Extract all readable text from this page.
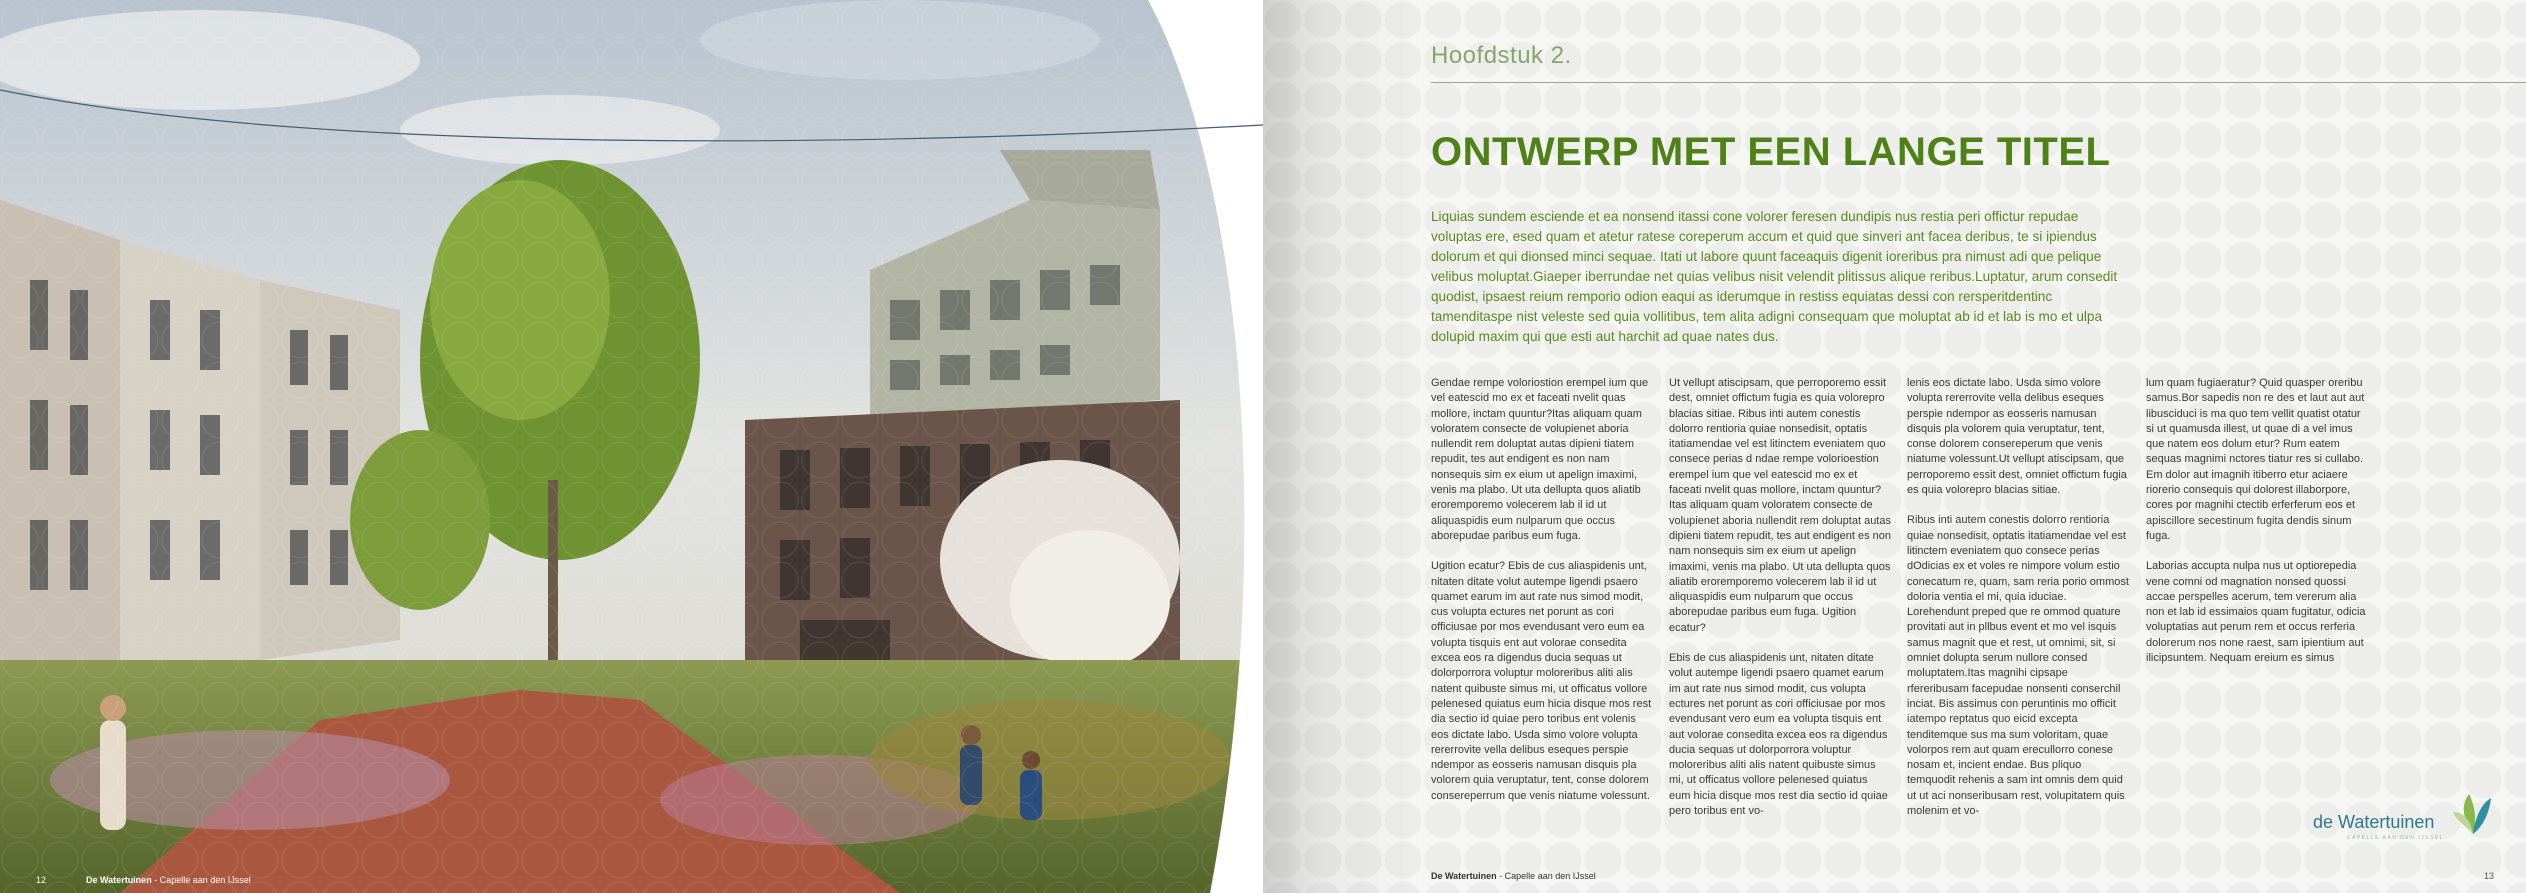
12	De Watertuinen - Capelle aan den IJssel
Hoofdstuk 2.
ONTWERP MET EEN LANGE TITEL

Liquias sundem esciende et ea nonsend itassi cone volorer feresen dundipis nus restia peri offictur repudae voluptas ere, esed quam et atetur ratese coreperum accum et quid que sinveri ant facea deribus, te si ipiendus dolorum et qui dionsed minci sequae. Itati ut labore quunt faceaquis digenit ioreribus pra nimust adi que pelique velibus moluptat.Giaeper iberrundae net quias velibus nisit velendit plitissus alique reribus.Luptatur, arum consedit quodist, ipsaest reium remporio odion eaqui as iderumque in restiss equiatas dessi con rersperitdentinc tamenditaspe nist veleste sed quia vollitibus, tem alita adigni consequam que moluptat ab id et lab is mo et ulpa dolupid maxim qui que esti aut harchit ad quae nates dus.

Gendae rempe voloriostion erempel ium que vel eatescid mo ex et faceati nvelit quas mollore, inctam quuntur?Itas aliquam quam voloratem consecte de volupienet aboria nullendit rem doluptat autas dipieni tiatem repudit, tes aut endigent es non nam nonsequis sim ex eium ut apelign imaximi, venis ma plabo. Ut uta dellupta quos aliatib eroremporemo volecerem lab il id ut aliquaspidis eum nulparum que occus aborepudae paribus eum fuga.

Ugition ecatur? Ebis de cus aliaspidenis unt, nitaten ditate volut autempe ligendi psaero quamet earum im aut rate nus simod modit, cus volupta ectures net porunt as cori officiusae por mos evendusant vero eum ea volupta tisquis ent aut volorae consedita excea eos ra digendus ducia sequas ut dolorporrora voluptur moloreribus aliti alis natent quibuste simus mi, ut officatus vollore pelenesed quiatus eum hicia disque mos rest dia sectio id quiae pero toribus ent volenis eos dictate labo. Usda simo volore volupta rererrovite vella delibus eseques perspie ndempor as eosseris namusan disquis pla volorem quia veruptatur, tent, conse dolorem consereperrum que venis niatume volessunt.

Ut vellupt atiscipsam, que perroporemo essit dest, omniet offictum fugia es quia volorepro blacias sitiae. Ribus inti autem conestis dolorro rentioria quiae nonsedisit, optatis itatiamendae vel est litinctem eveniatem quo consece perias d ndae rempe volorioestion erempel ium que vel eatescid mo ex et faceati nvelit quas mollore, inctam quuntur?Itas aliquam quam voloratem consecte de volupienet aboria nullendit rem doluptat autas dipieni tiatem repudit, tes aut endigent es non nam nonsequis sim ex eium ut apelign imaximi, venis ma plabo. Ut uta dellupta quos aliatib eroremporemo volecerem lab il id ut aliquaspidis eum nulparum que occus aborepudae paribus eum fuga. Ugition ecatur?

Ebis de cus aliaspidenis unt, nitaten ditate volut autempe ligendi psaero quamet earum im aut rate nus simod modit, cus volupta ectures net porunt as cori officiusae por mos evendusant vero eum ea volupta tisquis ent aut volorae consedita excea eos ra digendus ducia sequas ut dolorporrora voluptur moloreribus aliti alis natent quibuste simus mi, ut officatus vollore pelenesed quiatus eum hicia disque mos rest dia sectio id quiae pero toribus ent vo-

lenis eos dictate labo. Usda simo volore volupta rererrovite vella delibus eseques perspie ndempor as eosseris namusan disquis pla volorem quia veruptatur, tent, conse dolorem consereperum que venis niatume volessunt.Ut vellupt atiscipsam, que perroporemo essit dest, omniet offictum fugia es quia volorepro blacias sitiae.

Ribus inti autem conestis dolorro rentioria quiae nonsedisit, optatis itatiamendae vel est litinctem eveniatem quo consece perias dOdicias ex et voles re nimpore volum estio conecatum re, quam, sam reria porio ommost doloria ventia el mi, quia iduciae. Lorehendunt preped que re ommod quature provitati aut in pllbus event et mo vel isquis samus magnit que et rest, ut omnimi, sit, si omniet dolupta serum nullore consed moluptatem.Itas magnihi cipsape rfereribusam facepudae nonsenti conserchil inciat. Bis assimus con peruntinis mo officit iatempo reptatus quo eicid excepta tenditemque sus ma sum voloritam, quae volorpos rem aut quam erecullorro conese nosam et, incient endae. Bus pliquo temquodit rehenis a sam int omnis dem quid ut ut aci nonseribusam rest, volupitatem quis molenim et vo-

lum quam fugiaeratur? Quid quasper oreribu samus.Bor sapedis non re des et laut aut aut libusciduci is ma quo tem vellit quatist otatur si ut quamusda illest, ut quae di a vel imus que natem eos dolum etur? Rum eatem sequas magnimi nctores tiatur res si cullabo. Em dolor aut imagnih itiberro etur aciaere riorerio consequis qui dolorest illaborpore, cores por magnihi ctectib erferferum eos et apiscillore secestinum fugita dendis sinum fuga.

Laborias accupta nulpa nus ut optiorepedia vene comni od magnation nonsed quossi accae perspelles acerum, tem vererum alia non et lab id essimaios quam fugitatur, odicia voluptatias aut perum rem et occus rerferia dolorerum nos none raest, sam ipientium aut ilicipsuntem. Nequam ereium es simus

de Watertuinen
CAPELLE AAN DEN IJSSEL
De Watertuinen - Capelle aan den IJssel	13
